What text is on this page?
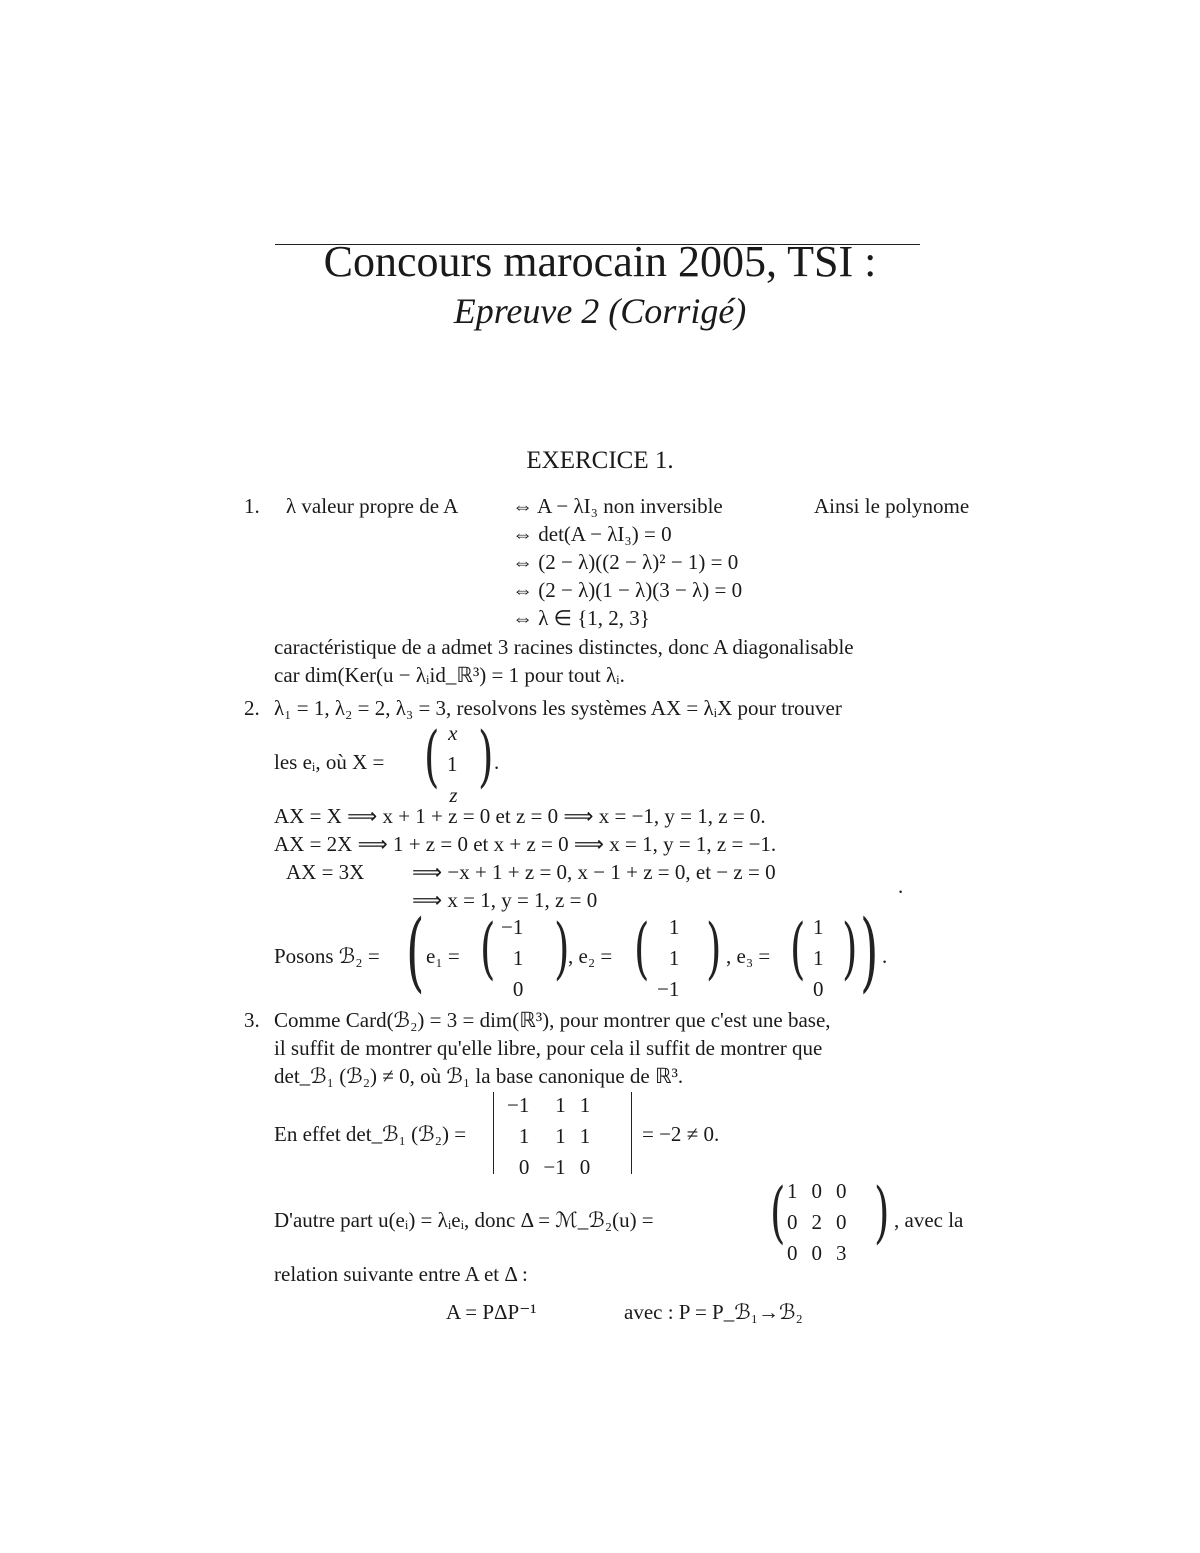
Concours marocain 2005, TSI :
Epreuve 2 (Corrigé)
EXERCICE 1.
1. λ valeur propre de A	⇔ A − λI₃ non inversible
⇔ det(A − λI₃) = 0
⇔ (2 − λ)((2 − λ)² − 1) = 0
⇔ (2 − λ)(1 − λ)(3 − λ) = 0
⇔ λ ∈ {1, 2, 3}
Ainsi le polynome
caractéristique de a admet 3 racines distinctes, donc A diagonalisable
car dim(Ker(u − λᵢid_ℝ³) = 1 pour tout λᵢ.
2. λ₁ = 1, λ₂ = 2, λ₃ = 3, resolvons les systèmes AX = λᵢX pour trouver
les eᵢ, où X = ( x
1
z ) .
AX = X ⟹ x + 1 + z = 0 et z = 0 ⟹ x = −1, y = 1, z = 0.
AX = 2X ⟹ 1 + z = 0 et x + z = 0 ⟹ x = 1, y = 1, z = −1.
AX = 3X ⟹ −x + 1 + z = 0, x − 1 + z = 0, et − z = 0
⟹ x = 1, y = 1, z = 0
.
Posons ℬ₂ = ( e₁ = ( −1
1
0
)
, e₂ = ( 1
1
−1
) , e₃ = ( 1
1
0
) ) .
3. Comme Card(ℬ₂) = 3 = dim(ℝ³), pour montrer que c'est une base,
il suffit de montrer qu'elle libre, pour cela il suffit de montrer que
det_ℬ₁ (ℬ₂) ≠ 0, où ℬ₁ la base canonique de ℝ³.
En effet det_ℬ₁ (ℬ₂) =
−1	1	1
1	1	1
0	−1	0
= −2 ≠ 0.
D'autre part u(eᵢ) = λᵢeᵢ, donc Δ = ℳ_ℬ₂(u) = ( 1	0	0
0	2	0
0	0	3
) , avec la
relation suivante entre A et Δ :
A = PΔP⁻¹	avec : P = P_ℬ₁→ℬ₂
